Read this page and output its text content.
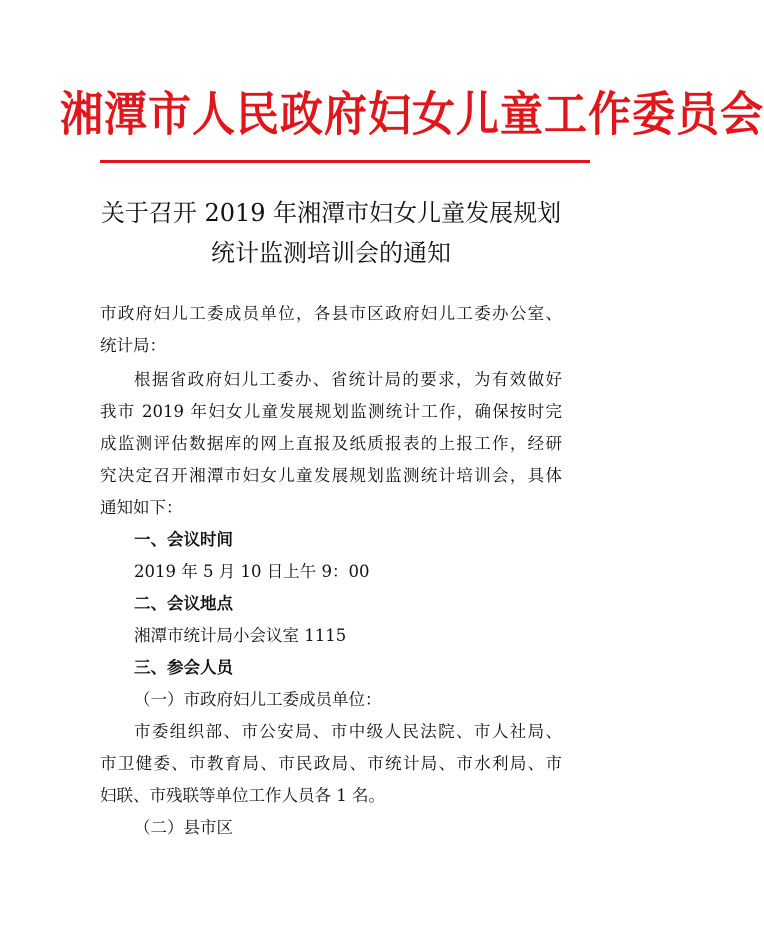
湘潭市人民政府妇女儿童工作委员会
关于召开 2019 年湘潭市妇女儿童发展规划
统计监测培训会的通知
市政府妇儿工委成员单位，各县市区政府妇儿工委办公室、
统计局：
根据省政府妇儿工委办、省统计局的要求，为有效做好
我市 2019 年妇女儿童发展规划监测统计工作，确保按时完
成监测评估数据库的网上直报及纸质报表的上报工作，经研
究决定召开湘潭市妇女儿童发展规划监测统计培训会，具体
通知如下：
一、会议时间
2019 年 5 月 10 日上午 9：00
二、会议地点
湘潭市统计局小会议室 1115
三、参会人员
（一）市政府妇儿工委成员单位：
市委组织部、市公安局、市中级人民法院、市人社局、
市卫健委、市教育局、市民政局、市统计局、市水利局、市
妇联、市残联等单位工作人员各 1 名。
（二）县市区
